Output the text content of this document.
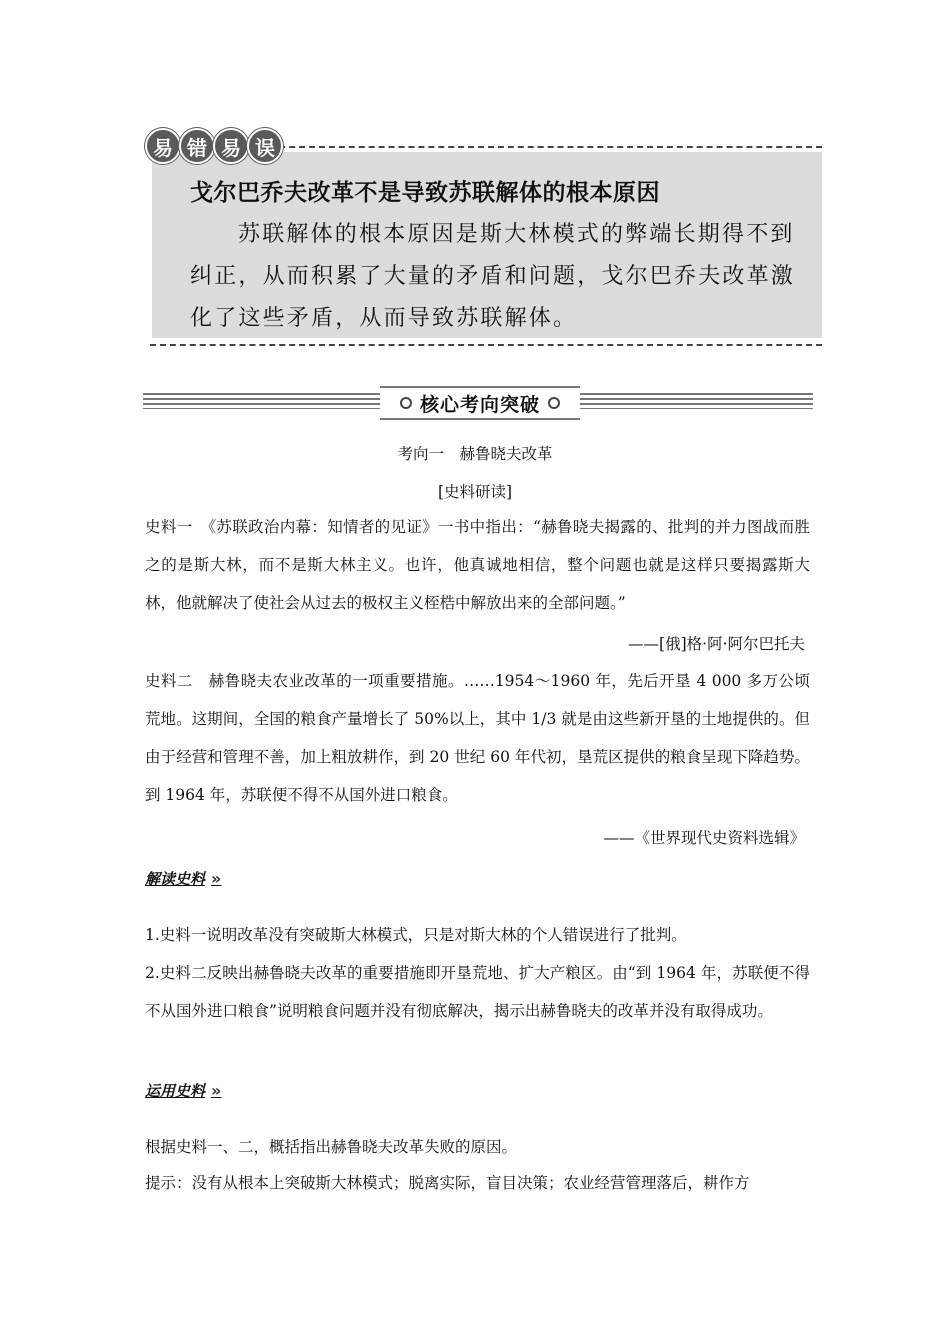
易 错 易 误
戈尔巴乔夫改革不是导致苏联解体的根本原因

苏联解体的根本原因是斯大林模式的弊端长期得不到纠正，从而积累了大量的矛盾和问题，戈尔巴乔夫改革激化了这些矛盾，从而导致苏联解体。

核心考向突破
考向一　赫鲁晓夫改革
[史料研读]

史料一　《苏联政治内幕：知情者的见证》一书中指出：“赫鲁晓夫揭露的、批判的并力图战而胜之的是斯大林，而不是斯大林主义。也许，他真诚地相信，整个问题也就是这样只要揭露斯大林，他就解决了使社会从过去的极权主义桎梏中解放出来的全部问题。”

——[俄]格·阿·阿尔巴托夫

史料二　赫鲁晓夫农业改革的一项重要措施。……1954～1960 年，先后开垦 4 000 多万公顷荒地。这期间，全国的粮食产量增长了 50%以上，其中 1/3 就是由这些新开垦的土地提供的。但由于经营和管理不善，加上粗放耕作，到 20 世纪 60 年代初，垦荒区提供的粮食呈现下降趋势。到 1964 年，苏联便不得不从国外进口粮食。

——《世界现代史资料选辑》
解读史料 »

1.史料一说明改革没有突破斯大林模式，只是对斯大林的个人错误进行了批判。

2.史料二反映出赫鲁晓夫改革的重要措施即开垦荒地、扩大产粮区。由“到 1964 年，苏联便不得不从国外进口粮食”说明粮食问题并没有彻底解决，揭示出赫鲁晓夫的改革并没有取得成功。

运用史料 »

根据史料一、二，概括指出赫鲁晓夫改革失败的原因。

提示：没有从根本上突破斯大林模式；脱离实际，盲目决策；农业经营管理落后，耕作方
